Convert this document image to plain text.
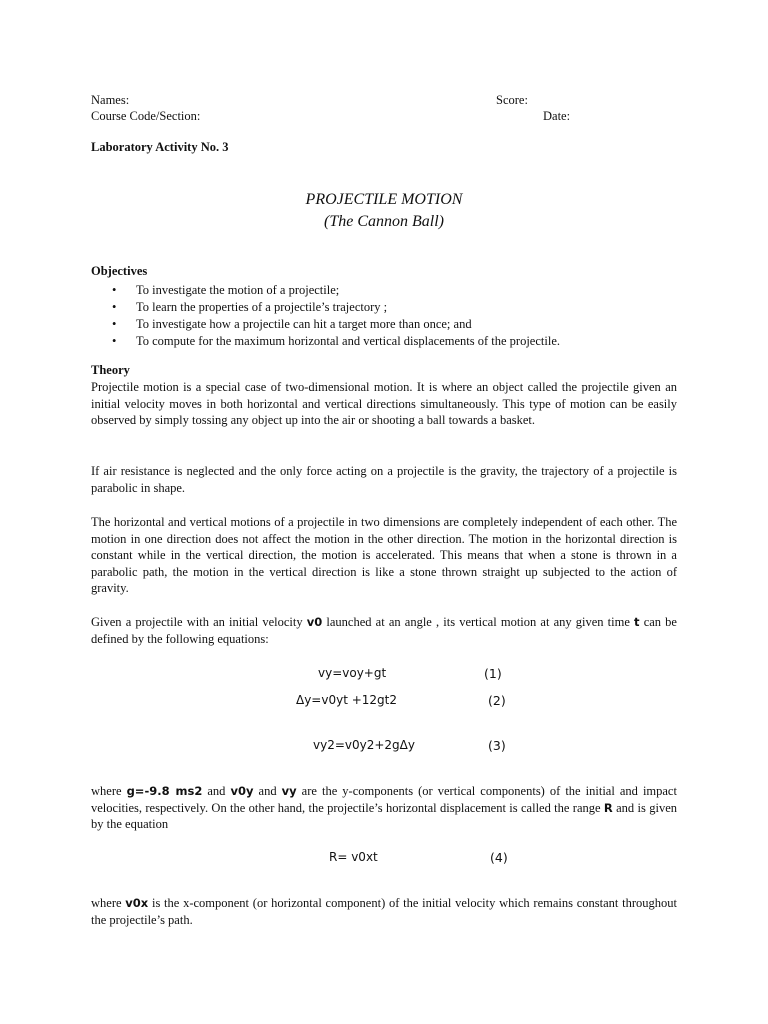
Names:	Score:
Course Code/Section:	Date:
Laboratory Activity No. 3
PROJECTILE MOTION
(The Cannon Ball)
Objectives
• To investigate the motion of a projectile;
• To learn the properties of a projectile’s trajectory ;
• To investigate how a projectile can hit a target more than once; and
• To compute for the maximum horizontal and vertical displacements of the projectile.
Theory
Projectile motion is a special case of two-dimensional motion. It is where an object called the projectile given an initial velocity moves in both horizontal and vertical directions simultaneously. This type of motion can be easily observed by simply tossing any object up into the air or shooting a ball towards a basket.
If air resistance is neglected and the only force acting on a projectile is the gravity, the trajectory of a projectile is parabolic in shape.
The horizontal and vertical motions of a projectile in two dimensions are completely independent of each other. The motion in one direction does not affect the motion in the other direction. The motion in the horizontal direction is constant while in the vertical direction, the motion is accelerated. This means that when a stone is thrown in a parabolic path, the motion in the vertical direction is like a stone thrown straight up subjected to the action of gravity.
Given a projectile with an initial velocity v0 launched at an angle , its vertical motion at any given time t can be defined by the following equations:
vy=voy+gt	(1)
Δy=v0yt +12gt2	(2)
vy2=v0y2+2gΔy	(3)
where g=-9.8 ms2 and v0y and vy are the y-components (or vertical components) of the initial and impact velocities, respectively. On the other hand, the projectile’s horizontal displacement is called the range R and is given by the equation
R= v0xt	(4)
where v0x is the x-component (or horizontal component) of the initial velocity which remains constant throughout the projectile’s path.
